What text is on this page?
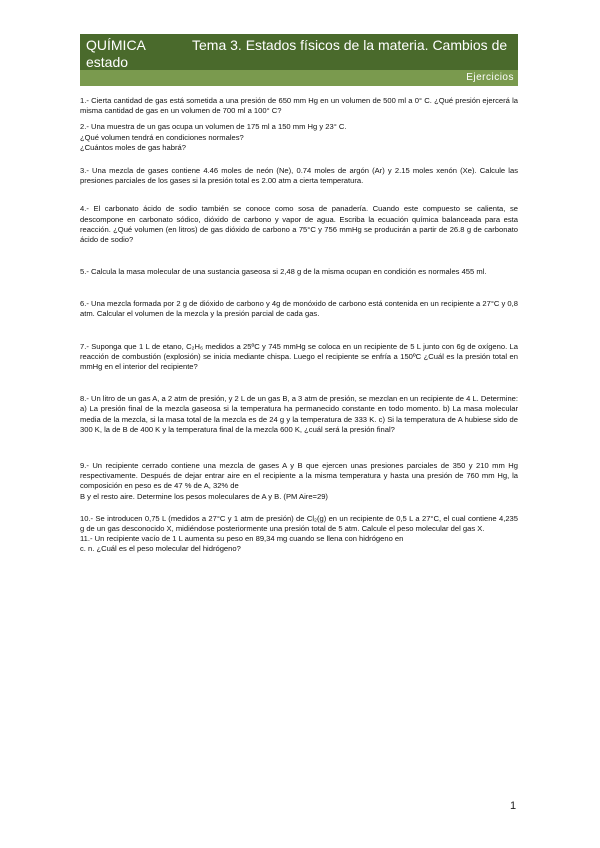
QUÍMICA	Tema 3. Estados físicos de la materia. Cambios de estado
Ejercicios

1.- Cierta cantidad de gas está sometida a una presión de 650 mm Hg en un volumen de 500 ml a 0° C. ¿Qué presión ejercerá la misma cantidad de gas en un volumen de 700 ml a 100° C?

2.- Una muestra de un gas ocupa un volumen de 175 ml a 150 mm Hg y 23° C.

¿Qué volumen tendrá en condiciones normales?

¿Cuántos moles de gas habrá?

3.- Una mezcla de gases contiene 4.46 moles de neón (Ne), 0.74 moles de argón (Ar) y 2.15 moles xenón (Xe). Calcule las presiones parciales de los gases si la presión total es 2.00 atm a cierta temperatura.

4.- El carbonato ácido de sodio también se conoce como sosa de panadería. Cuando este compuesto se calienta, se descompone en carbonato sódico, dióxido de carbono y vapor de agua. Escriba la ecuación química balanceada para esta reacción. ¿Qué volumen (en litros) de gas dióxido de carbono a 75°C y 756 mmHg se producirán a partir de 26.8 g de carbonato ácido de sodio?

5.- Calcula la masa molecular de una sustancia gaseosa si 2,48 g de la misma ocupan en condición es normales 455 ml.

6.- Una mezcla formada por 2 g de dióxido de carbono y 4g de monóxido de carbono está contenida en un recipiente a 27°C y 0,8 atm. Calcular el volumen de la mezcla y la presión parcial de cada gas.

7.- Suponga que 1 L de etano, C₂H₆ medidos a 25ºC y 745 mmHg se coloca en un recipiente de 5 L junto con 6g de oxígeno. La reacción de combustión (explosión) se inicia mediante chispa. Luego el recipiente se enfría a 150ºC ¿Cuál es la presión total en mmHg en el interior del recipiente?

8.- Un litro de un gas A, a 2 atm de presión, y 2 L de un gas B, a 3 atm de presión, se mezclan en un recipiente de 4 L. Determine: a) La presión final de la mezcla gaseosa si la temperatura ha permanecido constante en todo momento. b) La masa molecular media de la mezcla, si la masa total de la mezcla es de 24 g y la temperatura de 333 K. c) Si la temperatura de A hubiese sido de 300 K, la de B de 400 K y la temperatura final de la mezcla 600 K, ¿cuál será la presión final?

9.- Un recipiente cerrado contiene una mezcla de gases A y B que ejercen unas presiones parciales de 350 y 210 mm Hg respectivamente. Después de dejar entrar aire en el recipiente a la misma temperatura y hasta una presión de 760 mm Hg, la composición en peso es de 47 % de A, 32% de

B y el resto aire. Determine los pesos moleculares de A y B. (PM Aire=29)

10.- Se introducen 0,75 L (medidos a 27°C y 1 atm de presión) de Cl₂(g) en un recipiente de 0,5 L a 27°C, el cual contiene 4,235 g de un gas desconocido X, midiéndose posteriormente una presión total de 5 atm. Calcule el peso molecular del gas X.

11.- Un recipiente vacío de 1 L aumenta su peso en 89,34 mg cuando se llena con hidrógeno en

c. n. ¿Cuál es el peso molecular del hidrógeno?

1
